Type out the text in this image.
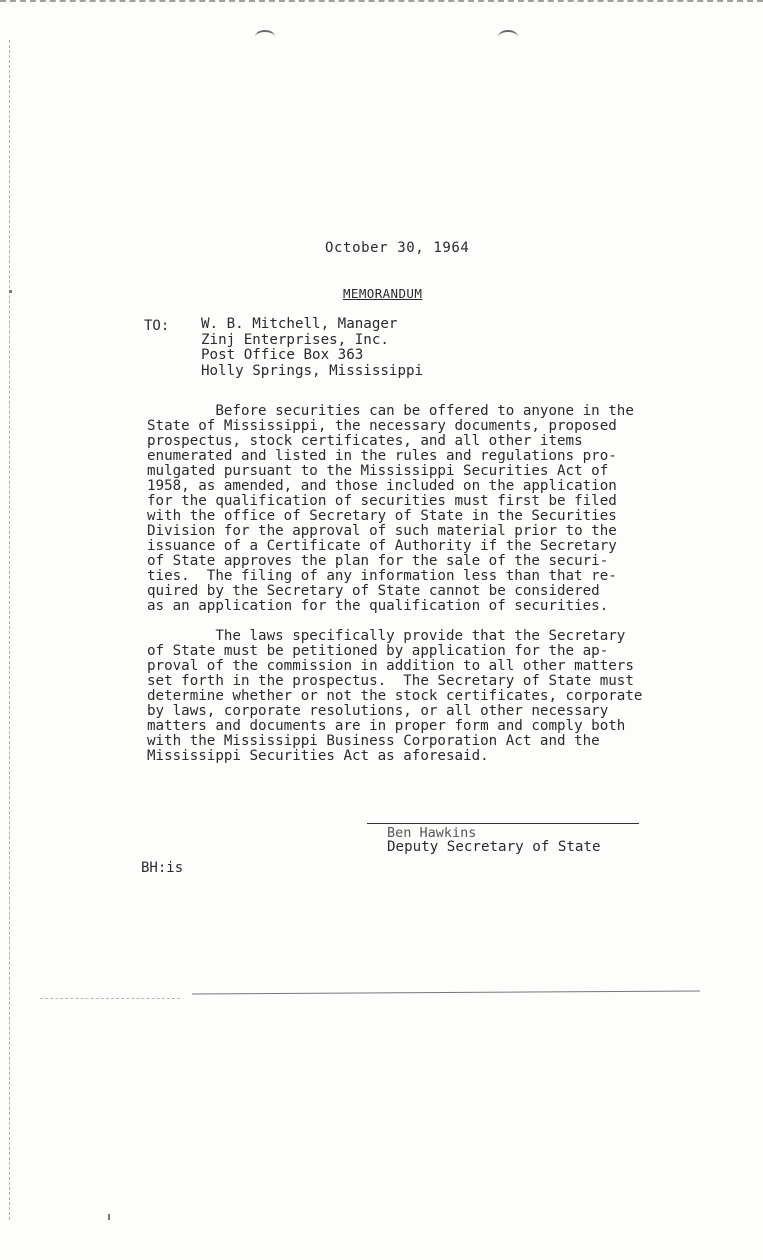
October 30, 1964
MEMORANDUM
TO: W. B. Mitchell, Manager
Zinj Enterprises, Inc.
Post Office Box 363
Holly Springs, Mississippi
Before securities can be offered to anyone in the
State of Mississippi, the necessary documents, proposed
prospectus, stock certificates, and all other items
enumerated and listed in the rules and regulations pro-
mulgated pursuant to the Mississippi Securities Act of
1958, as amended, and those included on the application
for the qualification of securities must first be filed
with the office of Secretary of State in the Securities
Division for the approval of such material prior to the
issuance of a Certificate of Authority if the Secretary
of State approves the plan for the sale of the securi-
ties.  The filing of any information less than that re-
quired by the Secretary of State cannot be considered
as an application for the qualification of securities.
The laws specifically provide that the Secretary
of State must be petitioned by application for the ap-
proval of the commission in addition to all other matters
set forth in the prospectus.  The Secretary of State must
determine whether or not the stock certificates, corporate
by laws, corporate resolutions, or all other necessary
matters and documents are in proper form and comply both
with the Mississippi Business Corporation Act and the
Mississippi Securities Act as aforesaid.
Ben Hawkins
Deputy Secretary of State
BH:is
